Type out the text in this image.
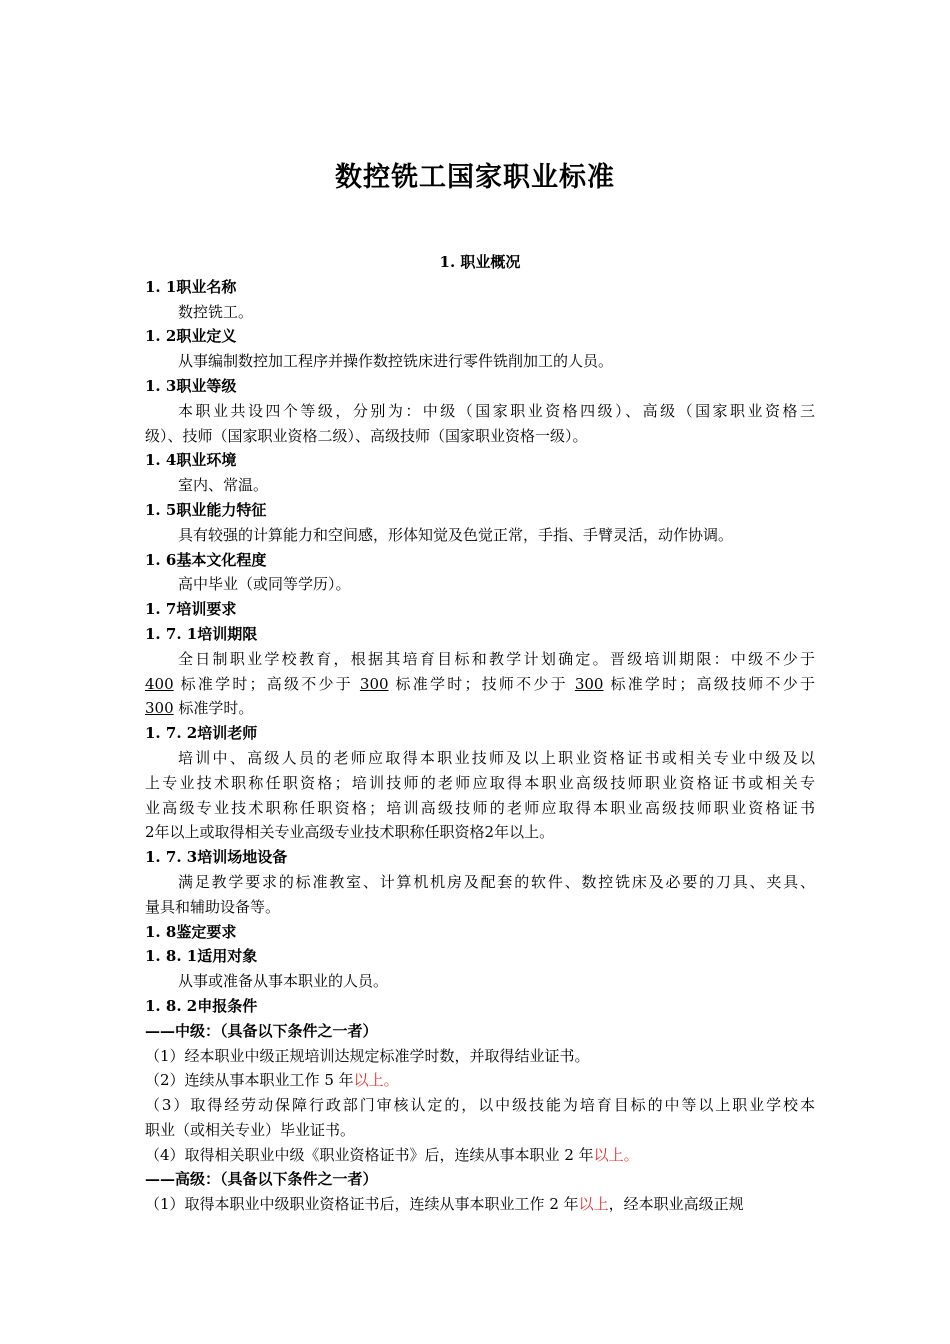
数控铣工国家职业标准
1. 职业概况
1. 1职业名称
数控铣工。
1. 2职业定义
从事编制数控加工程序并操作数控铣床进行零件铣削加工的人员。
1. 3职业等级
本职业共设四个等级，分别为：中级（国家职业资格四级）、高级（国家职业资格三
级）、技师（国家职业资格二级）、高级技师（国家职业资格一级）。
1. 4职业环境
室内、常温。
1. 5职业能力特征
具有较强的计算能力和空间感，形体知觉及色觉正常，手指、手臂灵活，动作协调。
1. 6基本文化程度
高中毕业（或同等学历）。
1. 7培训要求
1. 7. 1培训期限
全日制职业学校教育，根据其培育目标和教学计划确定。晋级培训期限：中级不少于
400 标准学时；高级不少于 300 标准学时；技师不少于 300 标准学时；高级技师不少于
300 标准学时。
1. 7. 2培训老师
培训中、高级人员的老师应取得本职业技师及以上职业资格证书或相关专业中级及以
上专业技术职称任职资格；培训技师的老师应取得本职业高级技师职业资格证书或相关专
业高级专业技术职称任职资格；培训高级技师的老师应取得本职业高级技师职业资格证书
2年以上或取得相关专业高级专业技术职称任职资格2年以上。
1. 7. 3培训场地设备
满足教学要求的标准教室、计算机机房及配套的软件、数控铣床及必要的刀具、夹具、
量具和辅助设备等。
1. 8鉴定要求
1. 8. 1适用对象
从事或准备从事本职业的人员。
1. 8. 2申报条件
——中级：（具备以下条件之一者）
（1）经本职业中级正规培训达规定标准学时数，并取得结业证书。
（2）连续从事本职业工作 5 年以上。
（3）取得经劳动保障行政部门审核认定的，以中级技能为培育目标的中等以上职业学校本
职业（或相关专业）毕业证书。
（4）取得相关职业中级《职业资格证书》后，连续从事本职业 2 年以上。
——高级：（具备以下条件之一者）
（1）取得本职业中级职业资格证书后，连续从事本职业工作 2 年以上，经本职业高级正规
